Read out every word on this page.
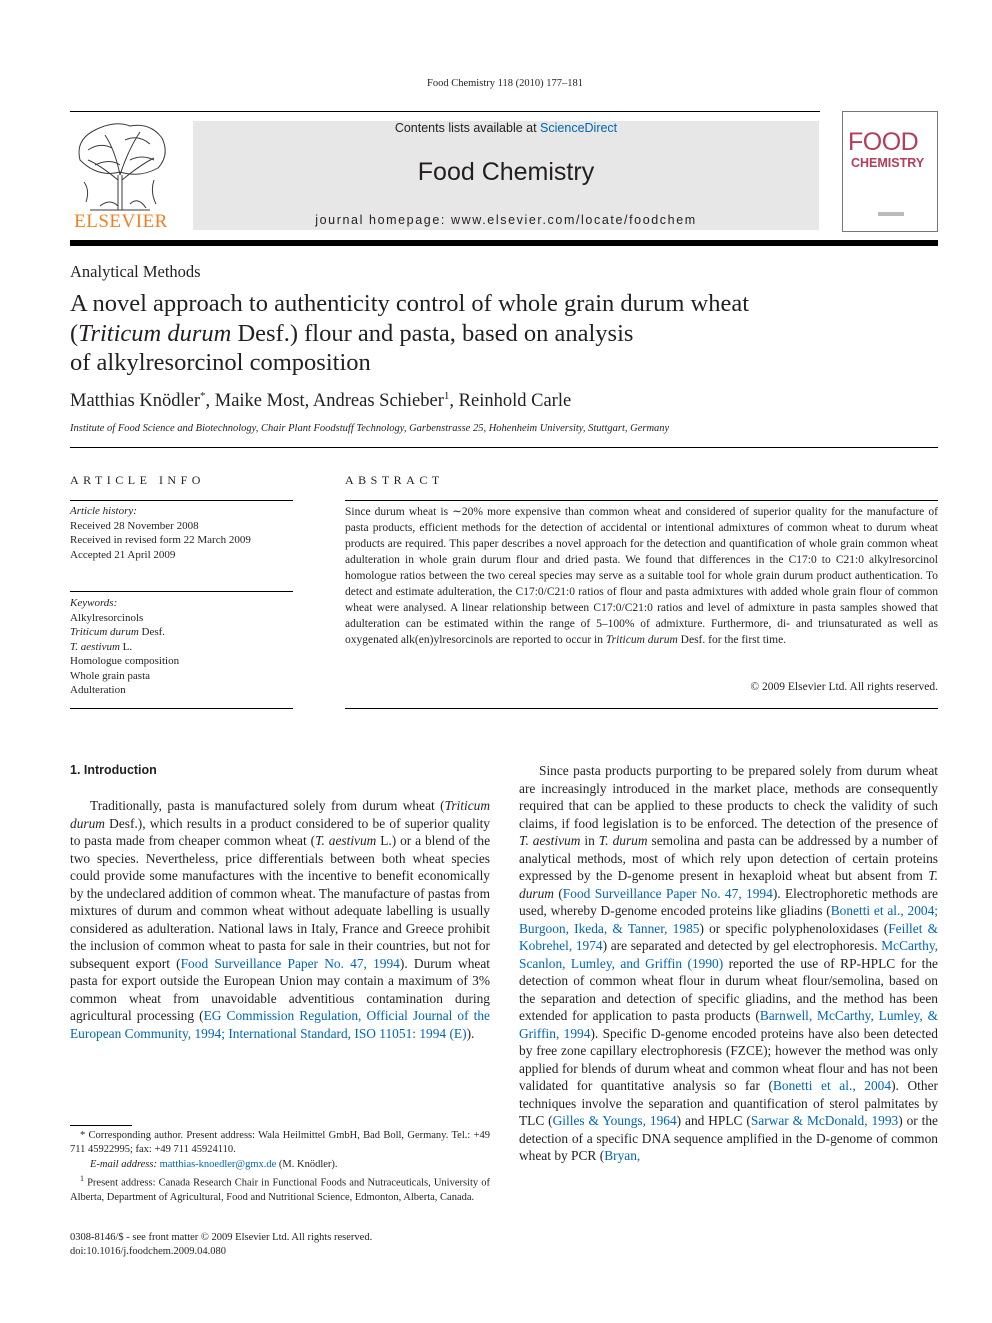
Food Chemistry 118 (2010) 177–181
ELSEVIER
Contents lists available at ScienceDirect
Food Chemistry
journal homepage: www.elsevier.com/locate/foodchem
FOOD
CHEMISTRY
Analytical Methods
A novel approach to authenticity control of whole grain durum wheat
(Triticum durum Desf.) flour and pasta, based on analysis
of alkylresorcinol composition
Matthias Knödler*, Maike Most, Andreas Schieber$^1$, Reinhold Carle
Institute of Food Science and Biotechnology, Chair Plant Foodstuff Technology, Garbenstrasse 25, Hohenheim University, Stuttgart, Germany
ARTICLE INFO
Article history:
Received 28 November 2008
Received in revised form 22 March 2009
Accepted 21 April 2009
Keywords:
Alkylresorcinols
Triticum durum Desf.
T. aestivum L.
Homologue composition
Whole grain pasta
Adulteration
ABSTRACT
Since durum wheat is ∼20% more expensive than common wheat and considered of superior quality for the manufacture of pasta products, efficient methods for the detection of accidental or intentional admixtures of common wheat to durum wheat products are required. This paper describes a novel approach for the detection and quantification of whole grain common wheat adulteration in whole grain durum flour and dried pasta. We found that differences in the C17:0 to C21:0 alkylresorcinol homologue ratios between the two cereal species may serve as a suitable tool for whole grain durum product authentication. To detect and estimate adulteration, the C17:0/C21:0 ratios of flour and pasta admixtures with added whole grain flour of common wheat were analysed. A linear relationship between C17:0/C21:0 ratios and level of admixture in pasta samples showed that adulteration can be estimated within the range of 5–100% of admixture. Furthermore, di- and triunsaturated as well as oxygenated alk(en)ylresorcinols are reported to occur in Triticum durum Desf. for the first time.
© 2009 Elsevier Ltd. All rights reserved.
1. Introduction
Traditionally, pasta is manufactured solely from durum wheat (Triticum durum Desf.), which results in a product considered to be of superior quality to pasta made from cheaper common wheat (T. aestivum L.) or a blend of the two species. Nevertheless, price differentials between both wheat species could provide some manufactures with the incentive to benefit economically by the undeclared addition of common wheat. The manufacture of pastas from mixtures of durum and common wheat without adequate labelling is usually considered as adulteration. National laws in Italy, France and Greece prohibit the inclusion of common wheat to pasta for sale in their countries, but not for subsequent export (Food Surveillance Paper No. 47, 1994). Durum wheat pasta for export outside the European Union may contain a maximum of 3% common wheat from unavoidable adventitious contamination during agricultural processing (EG Commission Regulation, Official Journal of the European Community, 1994; International Standard, ISO 11051: 1994 (E)).
Since pasta products purporting to be prepared solely from durum wheat are increasingly introduced in the market place, methods are consequently required that can be applied to these products to check the validity of such claims, if food legislation is to be enforced. The detection of the presence of T. aestivum in T. durum semolina and pasta can be addressed by a number of analytical methods, most of which rely upon detection of certain proteins expressed by the D-genome present in hexaploid wheat but absent from T. durum (Food Surveillance Paper No. 47, 1994). Electrophoretic methods are used, whereby D-genome encoded proteins like gliadins (Bonetti et al., 2004; Burgoon, Ikeda, & Tanner, 1985) or specific polyphenoloxidases (Feillet & Kobrehel, 1974) are separated and detected by gel electrophoresis. McCarthy, Scanlon, Lumley, and Griffin (1990) reported the use of RP-HPLC for the detection of common wheat flour in durum wheat flour/semolina, based on the separation and detection of specific gliadins, and the method has been extended for application to pasta products (Barnwell, McCarthy, Lumley, & Griffin, 1994). Specific D-genome encoded proteins have also been detected by free zone capillary electrophoresis (FZCE); however the method was only applied for blends of durum wheat and common wheat flour and has not been validated for quantitative analysis so far (Bonetti et al., 2004). Other techniques involve the separation and quantification of sterol palmitates by TLC (Gilles & Youngs, 1964) and HPLC (Sarwar & McDonald, 1993) or the detection of a specific DNA sequence amplified in the D-genome of common wheat by PCR (Bryan,
* Corresponding author. Present address: Wala Heilmittel GmbH, Bad Boll, Germany. Tel.: +49 711 45922995; fax: +49 711 45924110.
E-mail address: matthias-knoedler@gmx.de (M. Knödler).
$^1$ Present address: Canada Research Chair in Functional Foods and Nutraceuticals, University of Alberta, Department of Agricultural, Food and Nutritional Science, Edmonton, Alberta, Canada.
0308-8146/$ - see front matter © 2009 Elsevier Ltd. All rights reserved.
doi:10.1016/j.foodchem.2009.04.080
